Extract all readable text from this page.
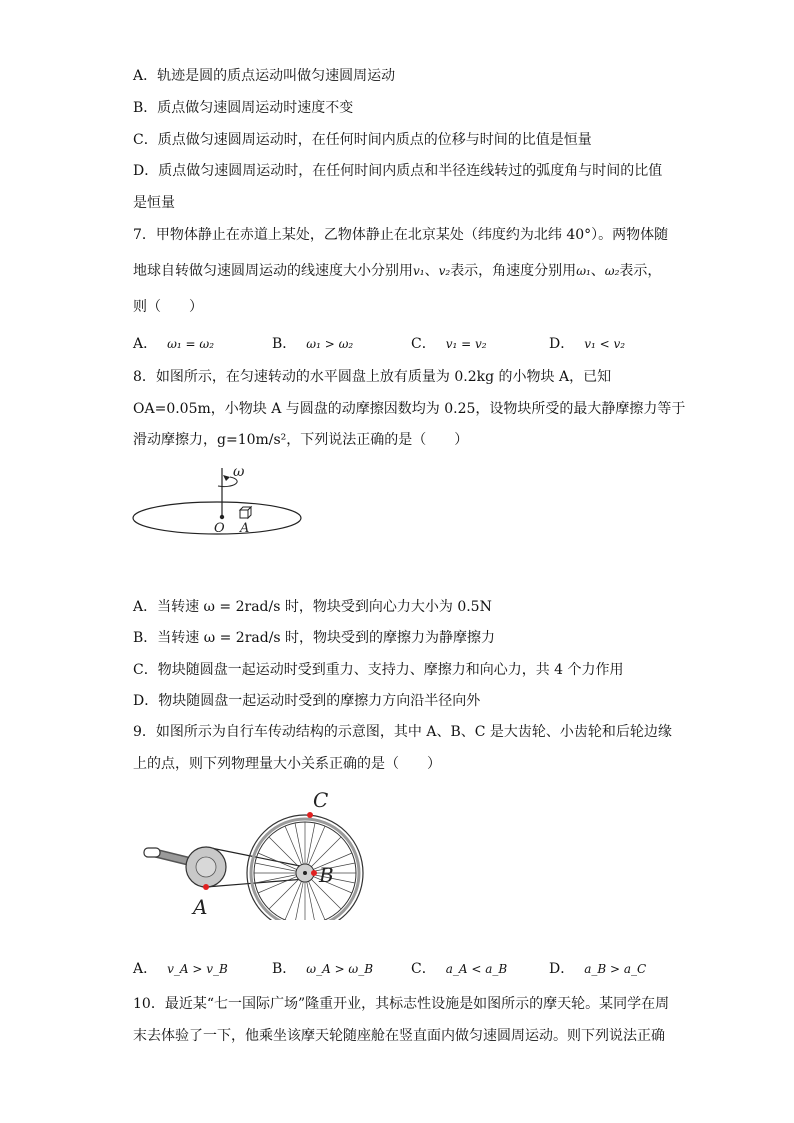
A．轨迹是圆的质点运动叫做匀速圆周运动
B．质点做匀速圆周运动时速度不变
C．质点做匀速圆周运动时，在任何时间内质点的位移与时间的比值是恒量
D．质点做匀速圆周运动时，在任何时间内质点和半径连线转过的弧度角与时间的比值
是恒量
7．甲物体静止在赤道上某处，乙物体静止在北京某处（纬度约为北纬 40°）。两物体随
地球自转做匀速圆周运动的线速度大小分别用v₁、v₂表示，角速度分别用ω₁、ω₂表示，
则（　　）
A． ω₁ = ω₂	B． ω₁ > ω₂	C． v₁ = v₂	D． v₁ < v₂
8．如图所示，在匀速转动的水平圆盘上放有质量为 0.2kg 的小物块 A，已知
OA=0.05m，小物块 A 与圆盘的动摩擦因数均为 0.25，设物块所受的最大静摩擦力等于
滑动摩擦力，g=10m/s²，下列说法正确的是（　　）
ω
O A
A．当转速 ω = 2rad/s 时，物块受到向心力大小为 0.5N
B．当转速 ω = 2rad/s 时，物块受到的摩擦力为静摩擦力
C．物块随圆盘一起运动时受到重力、支持力、摩擦力和向心力，共 4 个力作用
D．物块随圆盘一起运动时受到的摩擦力方向沿半径向外
9．如图所示为自行车传动结构的示意图，其中 A、B、C 是大齿轮、小齿轮和后轮边缘
上的点，则下列物理量大小关系正确的是（　　）
A
B
C
A． v_A > v_B	B． ω_A > ω_B	C． a_A < a_B	D． a_B > a_C
10．最近某“七一国际广场”隆重开业，其标志性设施是如图所示的摩天轮。某同学在周
末去体验了一下，他乘坐该摩天轮随座舱在竖直面内做匀速圆周运动。则下列说法正确
